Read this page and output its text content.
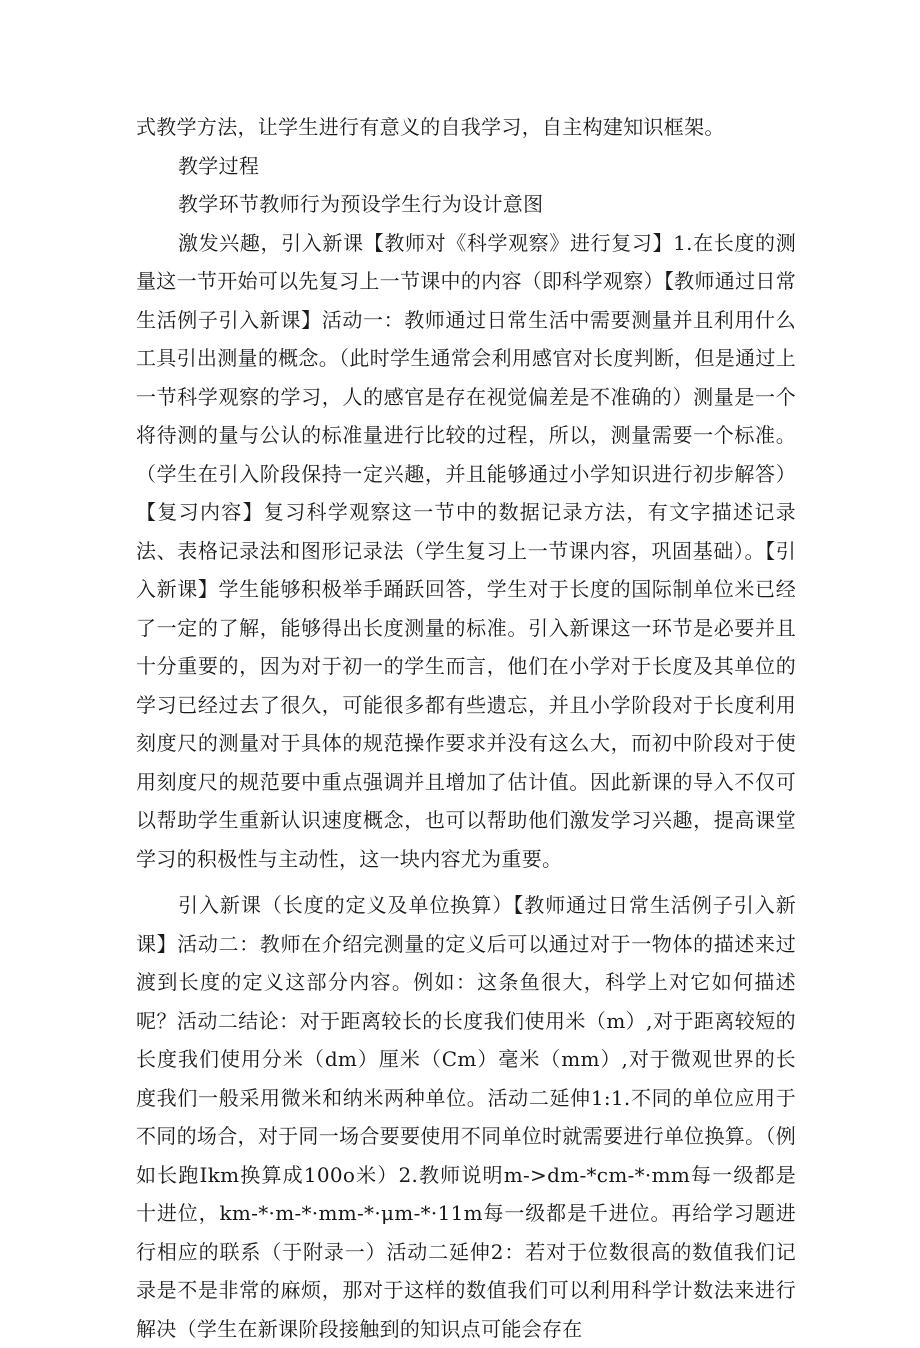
式教学方法，让学生进行有意义的自我学习，自主构建知识框架。

教学过程

教学环节教师行为预设学生行为设计意图

激发兴趣，引入新课【教师对《科学观察》进行复习】1.在长度的测量这一节开始可以先复习上一节课中的内容（即科学观察）【教师通过日常生活例子引入新课】活动一：教师通过日常生活中需要测量并且利用什么工具引出测量的概念。（此时学生通常会利用感官对长度判断，但是通过上一节科学观察的学习，人的感官是存在视觉偏差是不准确的）测量是一个将待测的量与公认的标准量进行比较的过程，所以，测量需要一个标准。（学生在引入阶段保持一定兴趣，并且能够通过小学知识进行初步解答）【复习内容】复习科学观察这一节中的数据记录方法，有文字描述记录法、表格记录法和图形记录法（学生复习上一节课内容，巩固基础）。【引入新课】学生能够积极举手踊跃回答，学生对于长度的国际制单位米已经了一定的了解，能够得出长度测量的标准。引入新课这一环节是必要并且十分重要的，因为对于初一的学生而言，他们在小学对于长度及其单位的学习已经过去了很久，可能很多都有些遗忘，并且小学阶段对于长度利用刻度尺的测量对于具体的规范操作要求并没有这么大，而初中阶段对于使用刻度尺的规范要中重点强调并且增加了估计值。因此新课的导入不仅可以帮助学生重新认识速度概念，也可以帮助他们激发学习兴趣，提高课堂学习的积极性与主动性，这一块内容尤为重要。

引入新课（长度的定义及单位换算）【教师通过日常生活例子引入新课】活动二：教师在介绍完测量的定义后可以通过对于一物体的描述来过渡到长度的定义这部分内容。例如：这条鱼很大，科学上对它如何描述呢？活动二结论：对于距离较长的长度我们使用米（m）,对于距离较短的长度我们使用分米（dm）厘米（Cm）毫米（mm）,对于微观世界的长度我们一般采用微米和纳米两种单位。活动二延伸1:1.不同的单位应用于不同的场合，对于同一场合要要使用不同单位时就需要进行单位换算。（例如长跑Ikm换算成100o米）2.教师说明m->dm-*cm-*·mm每一级都是十进位，km-*·m-*·mm-*·μm-*·11m每一级都是千进位。再给学习题进行相应的联系（于附录一）活动二延伸2：若对于位数很高的数值我们记录是不是非常的麻烦，那对于这样的数值我们可以利用科学计数法来进行解决（学生在新课阶段接触到的知识点可能会存在
